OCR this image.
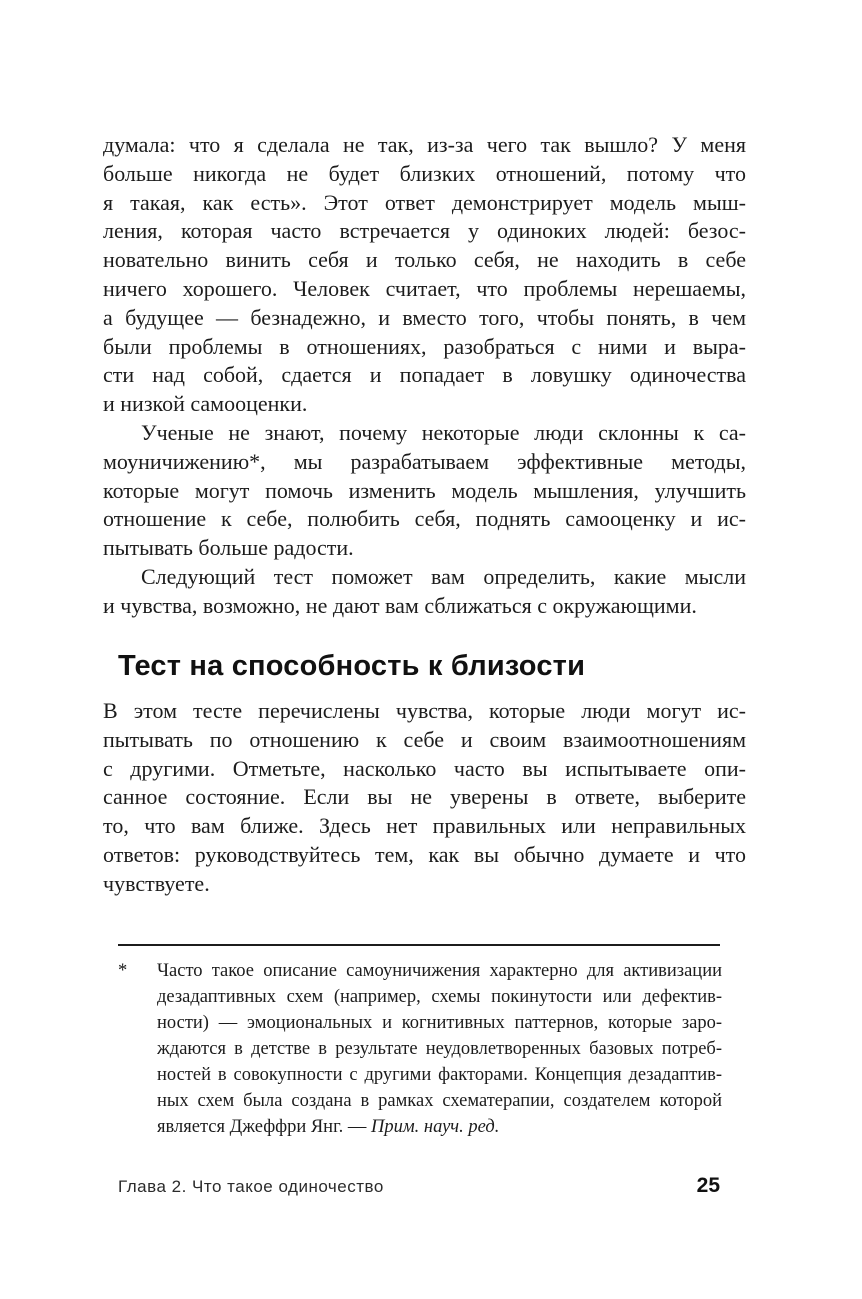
думала: что я сделала не так, из-за чего так вышло? У меня
больше никогда не будет близких отношений, потому что
я такая, как есть». Этот ответ демонстрирует модель мыш-
ления, которая часто встречается у одиноких людей: безос-
новательно винить себя и только себя, не находить в себе
ничего хорошего. Человек считает, что проблемы нерешаемы,
а будущее — безнадежно, и вместо того, чтобы понять, в чем
были проблемы в отношениях, разобраться с ними и выра-
сти над собой, сдается и попадает в ловушку одиночества
и низкой самооценки.
Ученые не знают, почему некоторые люди склонны к са-
моуничижению*, мы разрабатываем эффективные методы,
которые могут помочь изменить модель мышления, улучшить
отношение к себе, полюбить себя, поднять самооценку и ис-
пытывать больше радости.
Следующий тест поможет вам определить, какие мысли
и чувства, возможно, не дают вам сближаться с окружающими.
Тест на способность к близости
В этом тесте перечислены чувства, которые люди могут ис-
пытывать по отношению к себе и своим взаимоотношениям
с другими. Отметьте, насколько часто вы испытываете опи-
санное состояние. Если вы не уверены в ответе, выберите
то, что вам ближе. Здесь нет правильных или неправильных
ответов: руководствуйтесь тем, как вы обычно думаете и что
чувствуете.
*	Часто такое описание самоуничижения характерно для активизации
дезадаптивных схем (например, схемы покинутости или дефектив-
ности) — эмоциональных и когнитивных паттернов, которые заро-
ждаются в детстве в результате неудовлетворенных базовых потреб-
ностей в совокупности с другими факторами. Концепция дезадаптив-
ных схем была создана в рамках схематерапии, создателем которой
является Джеффри Янг. — Прим. науч. ред.
Глава 2. Что такое одиночество	25
